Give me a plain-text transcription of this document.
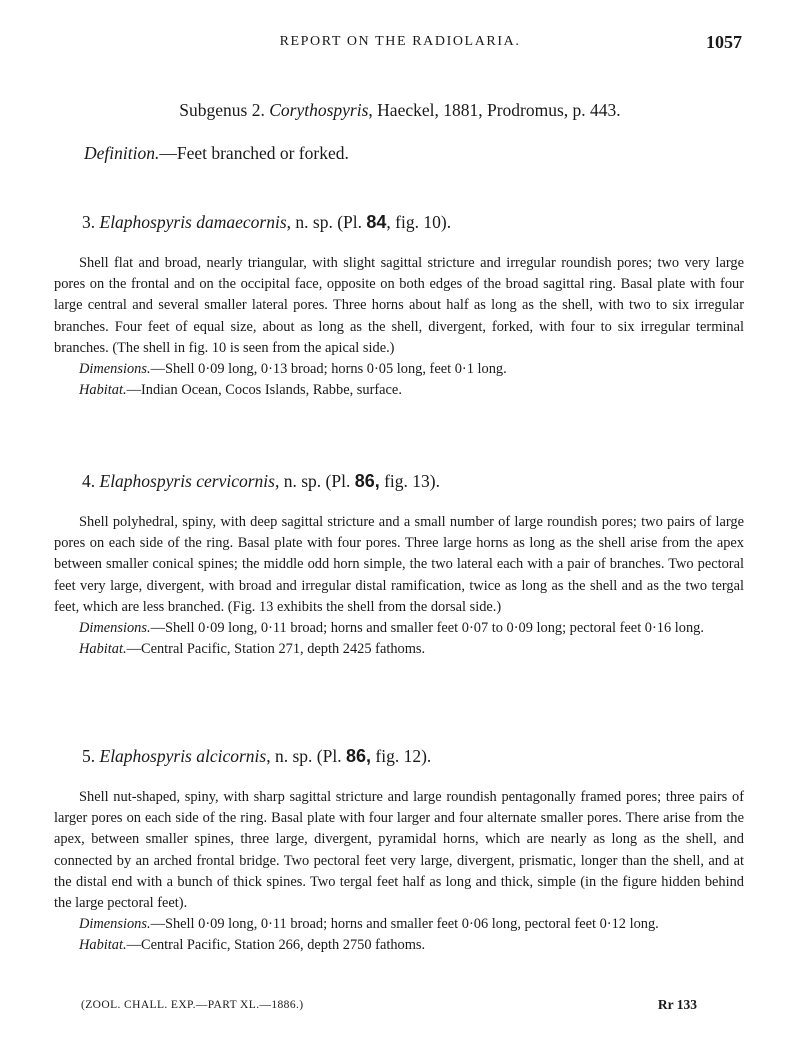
REPORT ON THE RADIOLARIA.	1057
Subgenus 2. Corythospyris, Haeckel, 1881, Prodromus, p. 443.
Definition.—Feet branched or forked.
3. Elaphospyris damaecornis, n. sp. (Pl. 84, fig. 10).

Shell flat and broad, nearly triangular, with slight sagittal stricture and irregular roundish pores; two very large pores on the frontal and on the occipital face, opposite on both edges of the broad sagittal ring. Basal plate with four large central and several smaller lateral pores. Three horns about half as long as the shell, with two to six irregular branches. Four feet of equal size, about as long as the shell, divergent, forked, with four to six irregular terminal branches. (The shell in fig. 10 is seen from the apical side.)

Dimensions.—Shell 0·09 long, 0·13 broad; horns 0·05 long, feet 0·1 long.

Habitat.—Indian Ocean, Cocos Islands, Rabbe, surface.

4. Elaphospyris cervicornis, n. sp. (Pl. 86, fig. 13).

Shell polyhedral, spiny, with deep sagittal stricture and a small number of large roundish pores; two pairs of large pores on each side of the ring. Basal plate with four pores. Three large horns as long as the shell arise from the apex between smaller conical spines; the middle odd horn simple, the two lateral each with a pair of branches. Two pectoral feet very large, divergent, with broad and irregular distal ramification, twice as long as the shell and as the two tergal feet, which are less branched. (Fig. 13 exhibits the shell from the dorsal side.)

Dimensions.—Shell 0·09 long, 0·11 broad; horns and smaller feet 0·07 to 0·09 long; pectoral feet 0·16 long.

Habitat.—Central Pacific, Station 271, depth 2425 fathoms.

5. Elaphospyris alcicornis, n. sp. (Pl. 86, fig. 12).

Shell nut-shaped, spiny, with sharp sagittal stricture and large roundish pentagonally framed pores; three pairs of larger pores on each side of the ring. Basal plate with four larger and four alternate smaller pores. There arise from the apex, between smaller spines, three large, divergent, pyramidal horns, which are nearly as long as the shell, and connected by an arched frontal bridge. Two pectoral feet very large, divergent, prismatic, longer than the shell, and at the distal end with a bunch of thick spines. Two tergal feet half as long and thick, simple (in the figure hidden behind the large pectoral feet).

Dimensions.—Shell 0·09 long, 0·11 broad; horns and smaller feet 0·06 long, pectoral feet 0·12 long.

Habitat.—Central Pacific, Station 266, depth 2750 fathoms.

(ZOOL. CHALL. EXP.—PART XL.—1886.)	Rr 133
